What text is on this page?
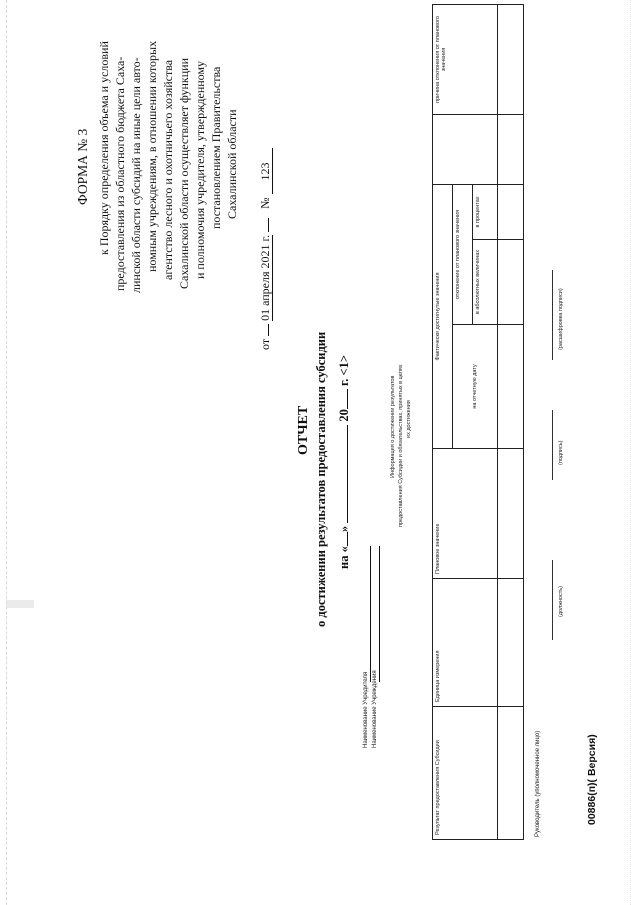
ФОРМА № 3 к Порядку определения объема и условий предоставления из областного бюджета Саха- линской области субсидий на иные цели авто- номным учреждениям, в отношении которых агентство лесного и охотничьего хозяйства Сахалинской области осуществляет функции и полномочия учредителя, утвержденному постановлением Правительства Сахалинской области
от  01 апреля 2021 г.  № 123
ОТЧЕТ о достижении результатов предоставления субсидии на «»  20 г. <1>
Наименование Учредителя Наименование Учреждения
Информация о достижении результатов предоставления Субсидии и обязательствах, принятых в целях их достижения
Результат предоставления Субсидии	Единица измерения	Плановое значение	Фактически достигнутые значения				причина отклонения от планового значения
			на отчетную дату	отклонение от планового значения			
				в абсолютных величинах	в процентах		

Руководитель (уполномоченное лицо)
(должность)
(подпись)
(расшифровка подписи)
00886(п)( Версия)
